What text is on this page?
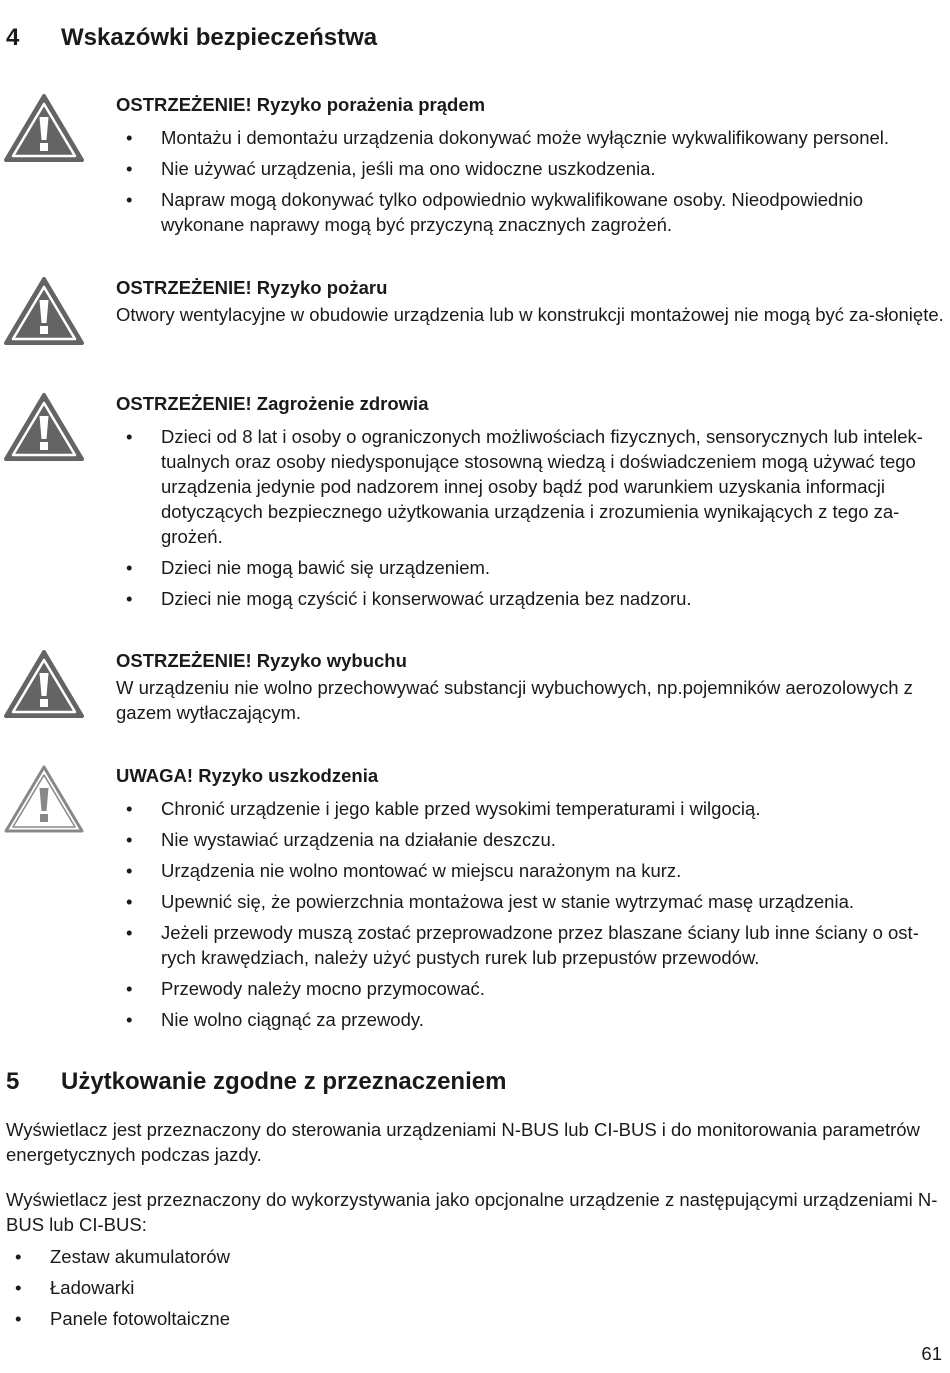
4 Wskazówki bezpieczeństwa

OSTRZEŻENIE! Ryzyko porażenia prądem

• Montażu i demontażu urządzenia dokonywać może wyłącznie wykwalifikowany personel.
• Nie używać urządzenia, jeśli ma ono widoczne uszkodzenia.
• Napraw mogą dokonywać tylko odpowiednio wykwalifikowane osoby. Nieodpowiednio wykonane naprawy mogą być przyczyną znacznych zagrożeń.

OSTRZEŻENIE! Ryzyko pożaru

Otwory wentylacyjne w obudowie urządzenia lub w konstrukcji montażowej nie mogą być za-słonięte.

OSTRZEŻENIE! Zagrożenie zdrowia

• Dzieci od 8 lat i osoby o ograniczonych możliwościach fizycznych, sensorycznych lub intelek-tualnych oraz osoby niedysponujące stosowną wiedzą i doświadczeniem mogą używać tego urządzenia jedynie pod nadzorem innej osoby bądź pod warunkiem uzyskania informacji dotyczących bezpiecznego użytkowania urządzenia i zrozumienia wynikających z tego za-grożeń.
• Dzieci nie mogą bawić się urządzeniem.
• Dzieci nie mogą czyścić i konserwować urządzenia bez nadzoru.

OSTRZEŻENIE! Ryzyko wybuchu

W urządzeniu nie wolno przechowywać substancji wybuchowych, np.pojemników aerozolowych z gazem wytłaczającym.

UWAGA! Ryzyko uszkodzenia

• Chronić urządzenie i jego kable przed wysokimi temperaturami i wilgocią.
• Nie wystawiać urządzenia na działanie deszczu.
• Urządzenia nie wolno montować w miejscu narażonym na kurz.
• Upewnić się, że powierzchnia montażowa jest w stanie wytrzymać masę urządzenia.
• Jeżeli przewody muszą zostać przeprowadzone przez blaszane ściany lub inne ściany o ost-rych krawędziach, należy użyć pustych rurek lub przepustów przewodów.
• Przewody należy mocno przymocować.
• Nie wolno ciągnąć za przewody.
5 Użytkowanie zgodne z przeznaczeniem

Wyświetlacz jest przeznaczony do sterowania urządzeniami N-BUS lub CI-BUS i do monitorowania parametrów energetycznych podczas jazdy.

Wyświetlacz jest przeznaczony do wykorzystywania jako opcjonalne urządzenie z następującymi urządzeniami N-BUS lub CI-BUS:

• Zestaw akumulatorów
• Ładowarki
• Panele fotowoltaiczne
61
